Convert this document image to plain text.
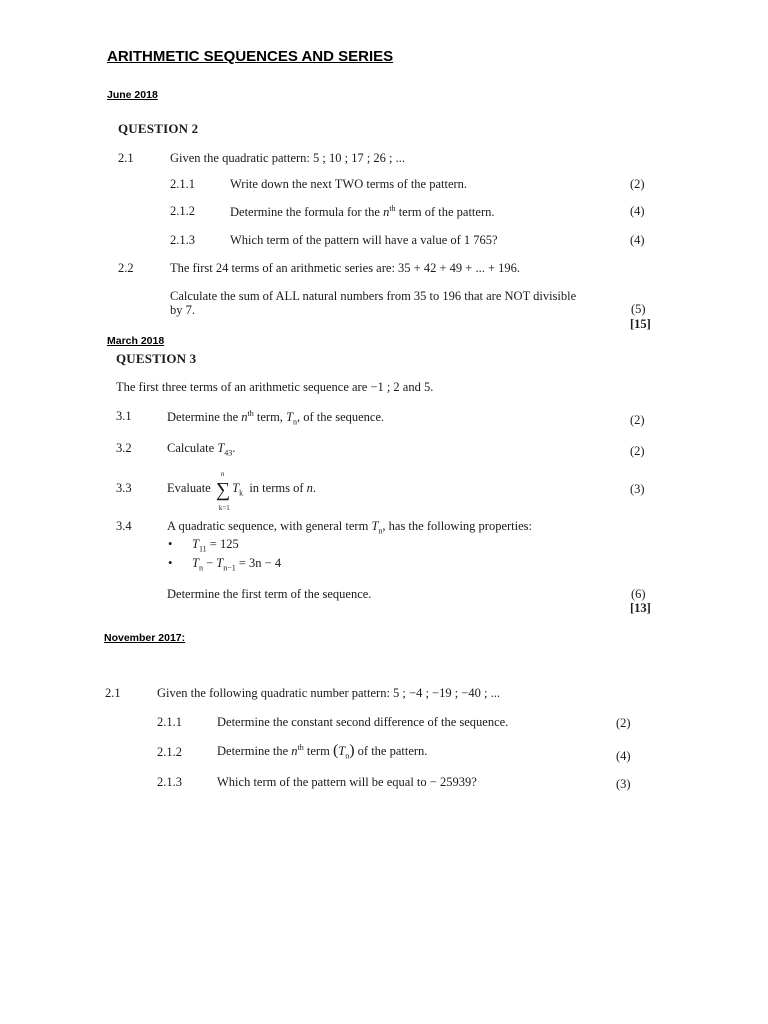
ARITHMETIC SEQUENCES AND SERIES
June 2018
QUESTION 2
2.1	Given the quadratic pattern: 5 ; 10 ; 17 ; 26 ; ...
2.1.1	Write down the next TWO terms of the pattern.	(2)
2.1.2	Determine the formula for the $n^{th}$ term of the pattern.	(4)
2.1.3	Which term of the pattern will have a value of 1 765?	(4)
2.2	The first 24 terms of an arithmetic series are: 35 + 42 + 49 + ... + 196.
Calculate the sum of ALL natural numbers from 35 to 196 that are NOT divisible
by 7.	(5)
[15]
March 2018
QUESTION 3
The first three terms of an arithmetic sequence are −1 ; 2 and 5.
3.1	Determine the $n^{th}$ term, $T_n$, of the sequence.	(2)
3.2	Calculate $T_{43}$.	(2)
3.3	Evaluate ∑
n
k=1
$T_k$ in terms of n.	(3)
3.4	A quadratic sequence, with general term $T_n$, has the following properties:
• $T_{11} = 125$
• $T_n - T_{n-1} = 3n - 4$
Determine the first term of the sequence.	(6)
[13]
November 2017:
2.1	Given the following quadratic number pattern: 5 ; −4 ; −19 ; −40 ; ...
2.1.1	Determine the constant second difference of the sequence.	(2)
2.1.2	Determine the $n^{th}$ term $(T_n)$ of the pattern.	(4)
2.1.3	Which term of the pattern will be equal to − 25939?	(3)
